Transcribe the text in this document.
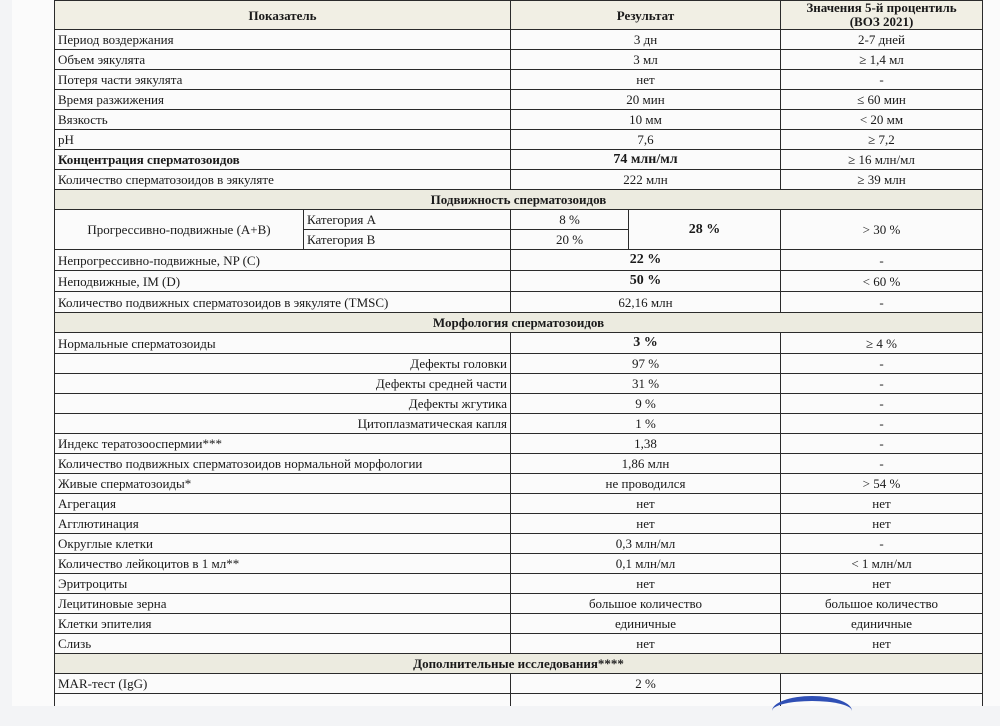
Показатель		Результат		Значения 5-й процентиль
(ВОЗ 2021)
Период воздержания		3 дн		2-7 дней
Объем эякулята		3 мл		≥ 1,4 мл
Потеря части эякулята		нет		-
Время разжижения		20 мин		≤ 60 мин
Вязкость		10 мм		< 20 мм
pH		7,6		≥ 7,2
Концентрация сперматозоидов		74 млн/мл		≥ 16 млн/мл
Количество сперматозоидов в эякуляте		222 млн		≥ 39 млн
Подвижность сперматозоидов				
Прогрессивно-подвижные (А+В)	Категория А	8 %	28 %	> 30 %
	Категория В	20 %		
Непрогрессивно-подвижные, NP (C)		22 %		-
Неподвижные, IM (D)		50 %		< 60 %
Количество подвижных сперматозоидов в эякуляте (TMSC)		62,16 млн		-
Морфология сперматозоидов				
Нормальные сперматозоиды		3 %		≥ 4 %
Дефекты головки		97 %		-
Дефекты средней части		31 %		-
Дефекты жгутика		9 %		-
Цитоплазматическая капля		1 %		-
Индекс тератозооспермии***		1,38		-
Количество подвижных сперматозоидов нормальной морфологии		1,86 млн		-
Живые сперматозоиды*		не проводился		> 54 %
Агрегация		нет		нет
Агглютинация		нет		нет
Округлые клетки		0,3 млн/мл		-
Количество лейкоцитов в 1 мл**		0,1 млн/мл		< 1 млн/мл
Эритроциты		нет		нет
Лецитиновые зерна		большое количество		большое количество
Клетки эпителия		единичные		единичные
Слизь		нет		нет
Дополнительные исследования****				
MAR-тест (IgG)		2 %		
